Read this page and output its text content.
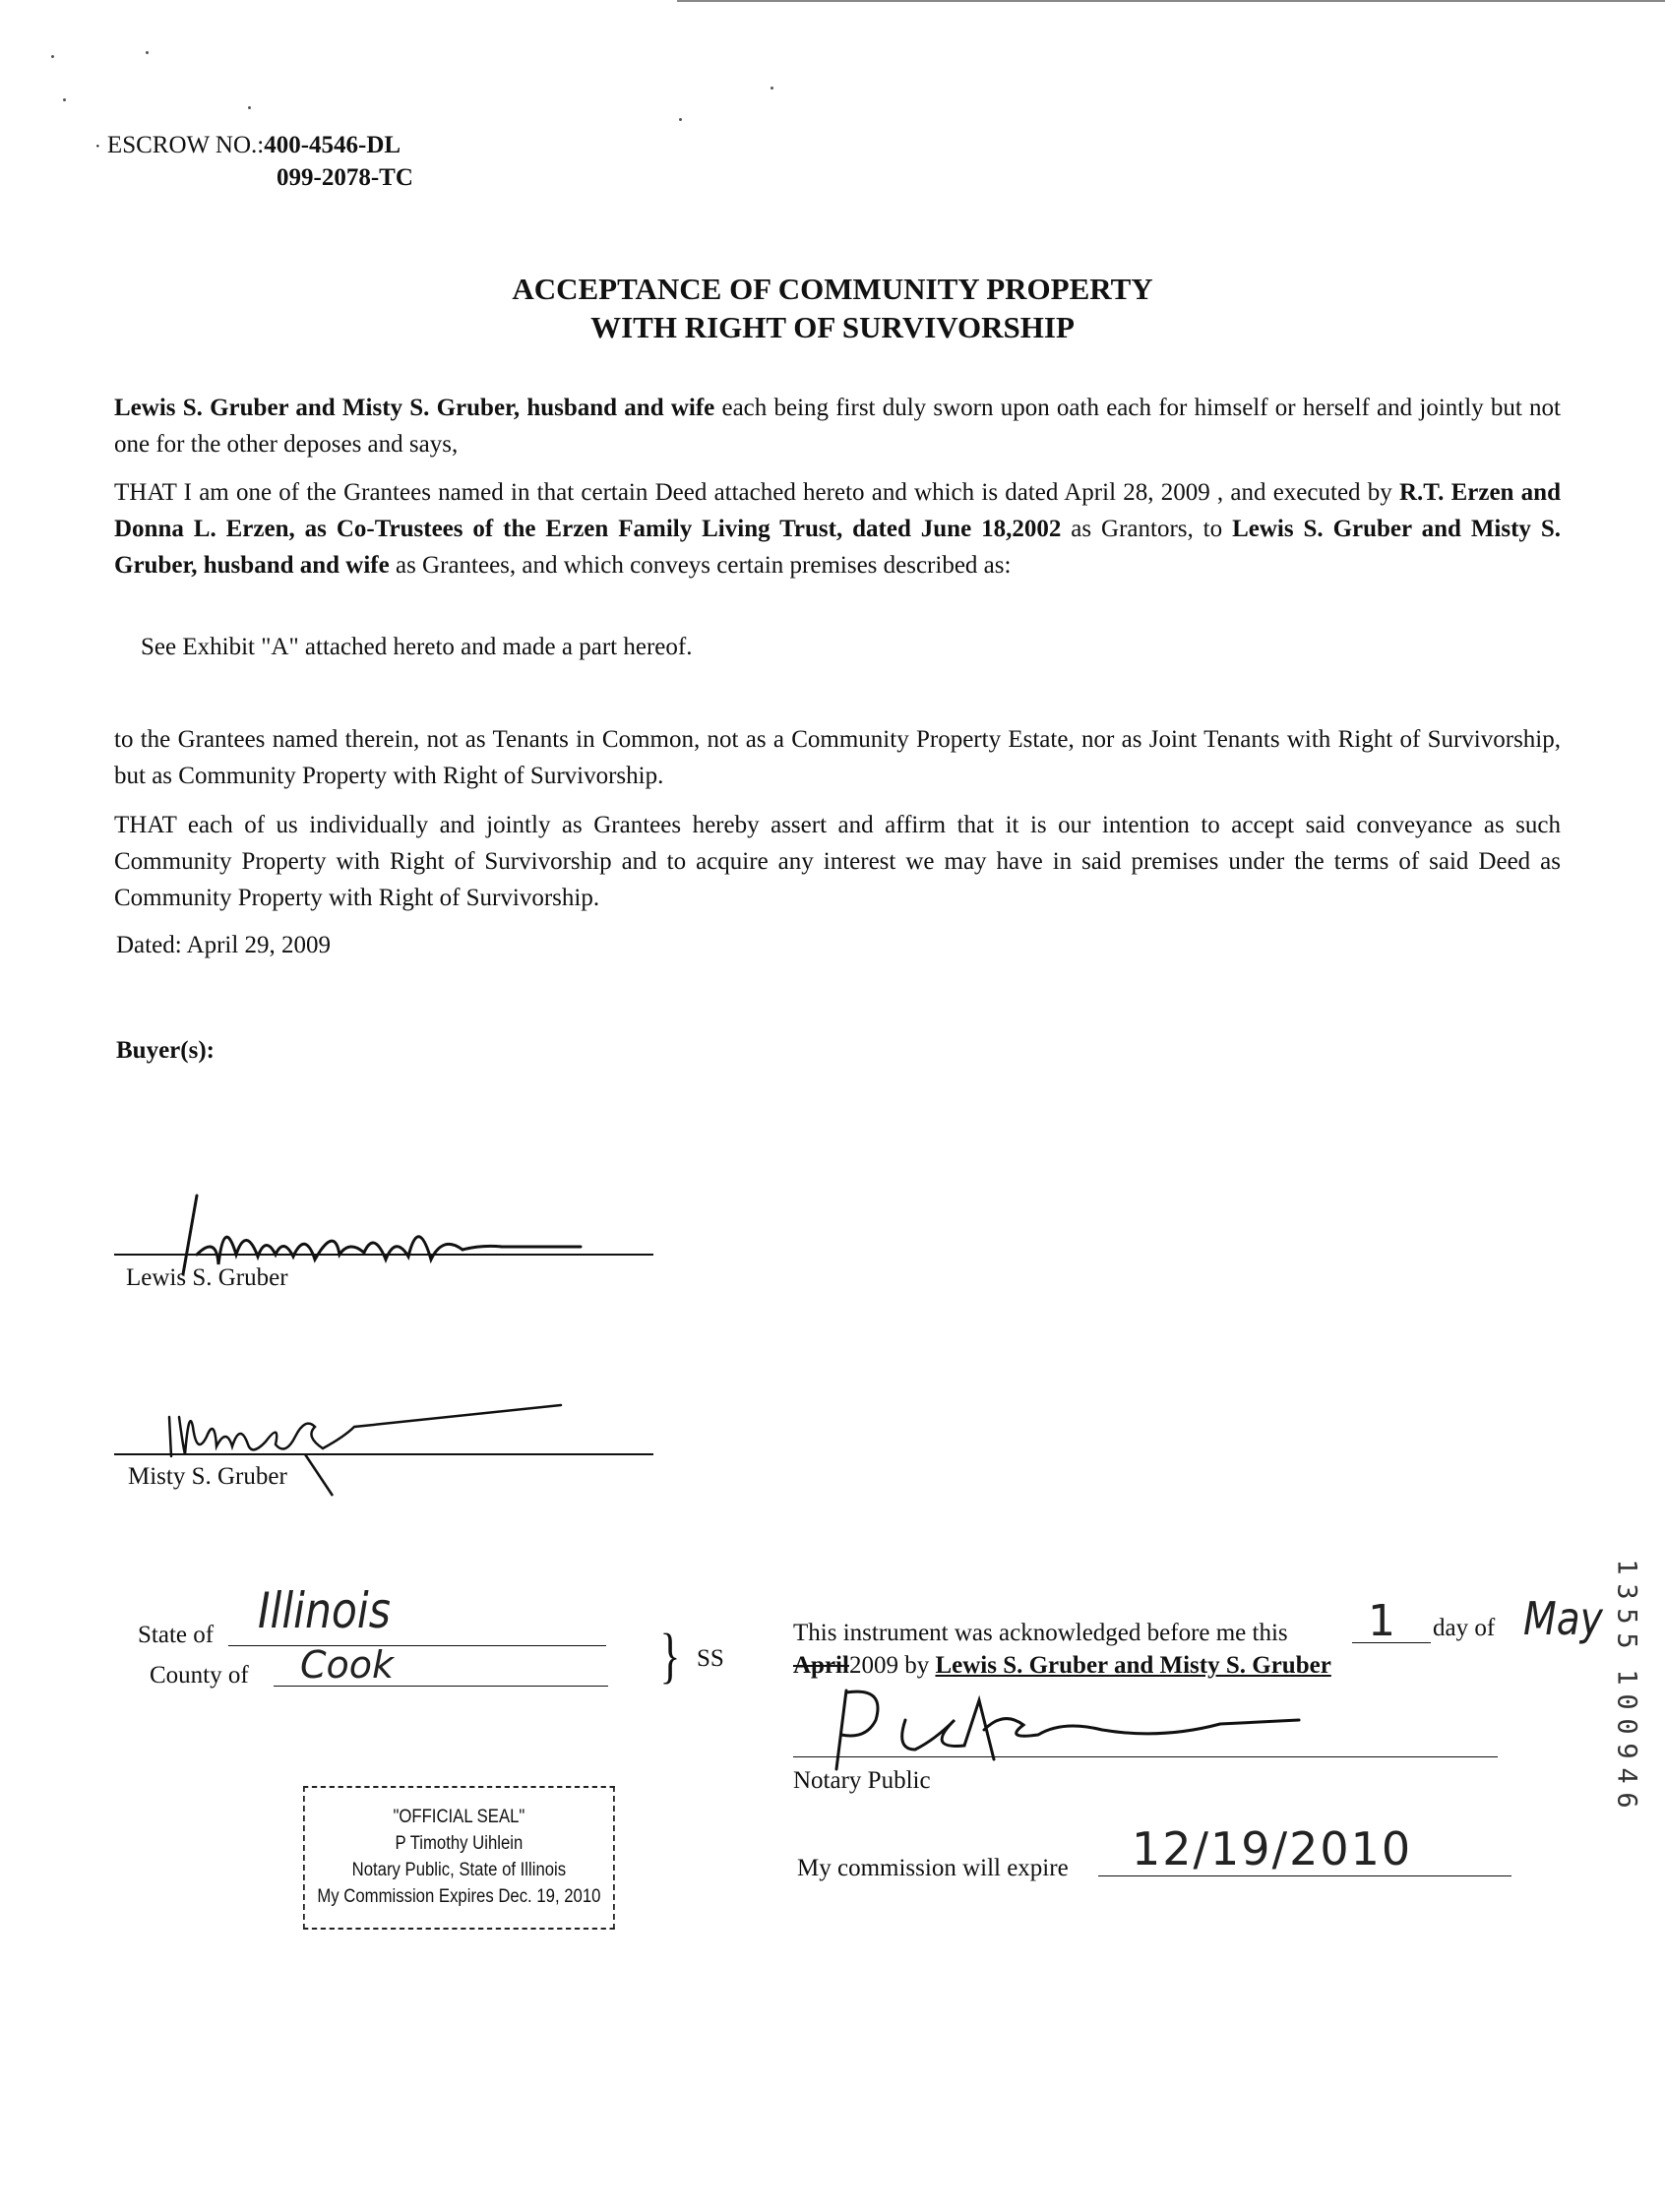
· ESCROW NO.:400-4546-DL
099-2078-TC
ACCEPTANCE OF COMMUNITY PROPERTY
WITH RIGHT OF SURVIVORSHIP
Lewis S. Gruber and Misty S. Gruber, husband and wife each being first duly sworn upon oath each for himself or herself and jointly but not one for the other deposes and says,
THAT I am one of the Grantees named in that certain Deed attached hereto and which is dated April 28, 2009 , and executed by R.T. Erzen and Donna L. Erzen, as Co-Trustees of the Erzen Family Living Trust, dated June 18,2002 as Grantors, to Lewis S. Gruber and Misty S. Gruber, husband and wife as Grantees, and which conveys certain premises described as:
See Exhibit "A" attached hereto and made a part hereof.
to the Grantees named therein, not as Tenants in Common, not as a Community Property Estate, nor as Joint Tenants with Right of Survivorship, but as Community Property with Right of Survivorship.
THAT each of us individually and jointly as Grantees hereby assert and affirm that it is our intention to accept said conveyance as such Community Property with Right of Survivorship and to acquire any interest we may have in said premises under the terms of said Deed as Community Property with Right of Survivorship.
Dated: April 29, 2009
Buyer(s):
Lewis S. Gruber
Misty S. Gruber
State of Illinois
County of Cook	} SS
This instrument was acknowledged before me this 1 day of May
April2009 by Lewis S. Gruber and Misty S. Gruber
Notary Public
My commission will expire 12/19/2010
"OFFICIAL SEAL"
P Timothy Uihlein
Notary Public, State of Illinois
My Commission Expires Dec. 19, 2010
1
3
5
5
1
0
0
9
4
6
